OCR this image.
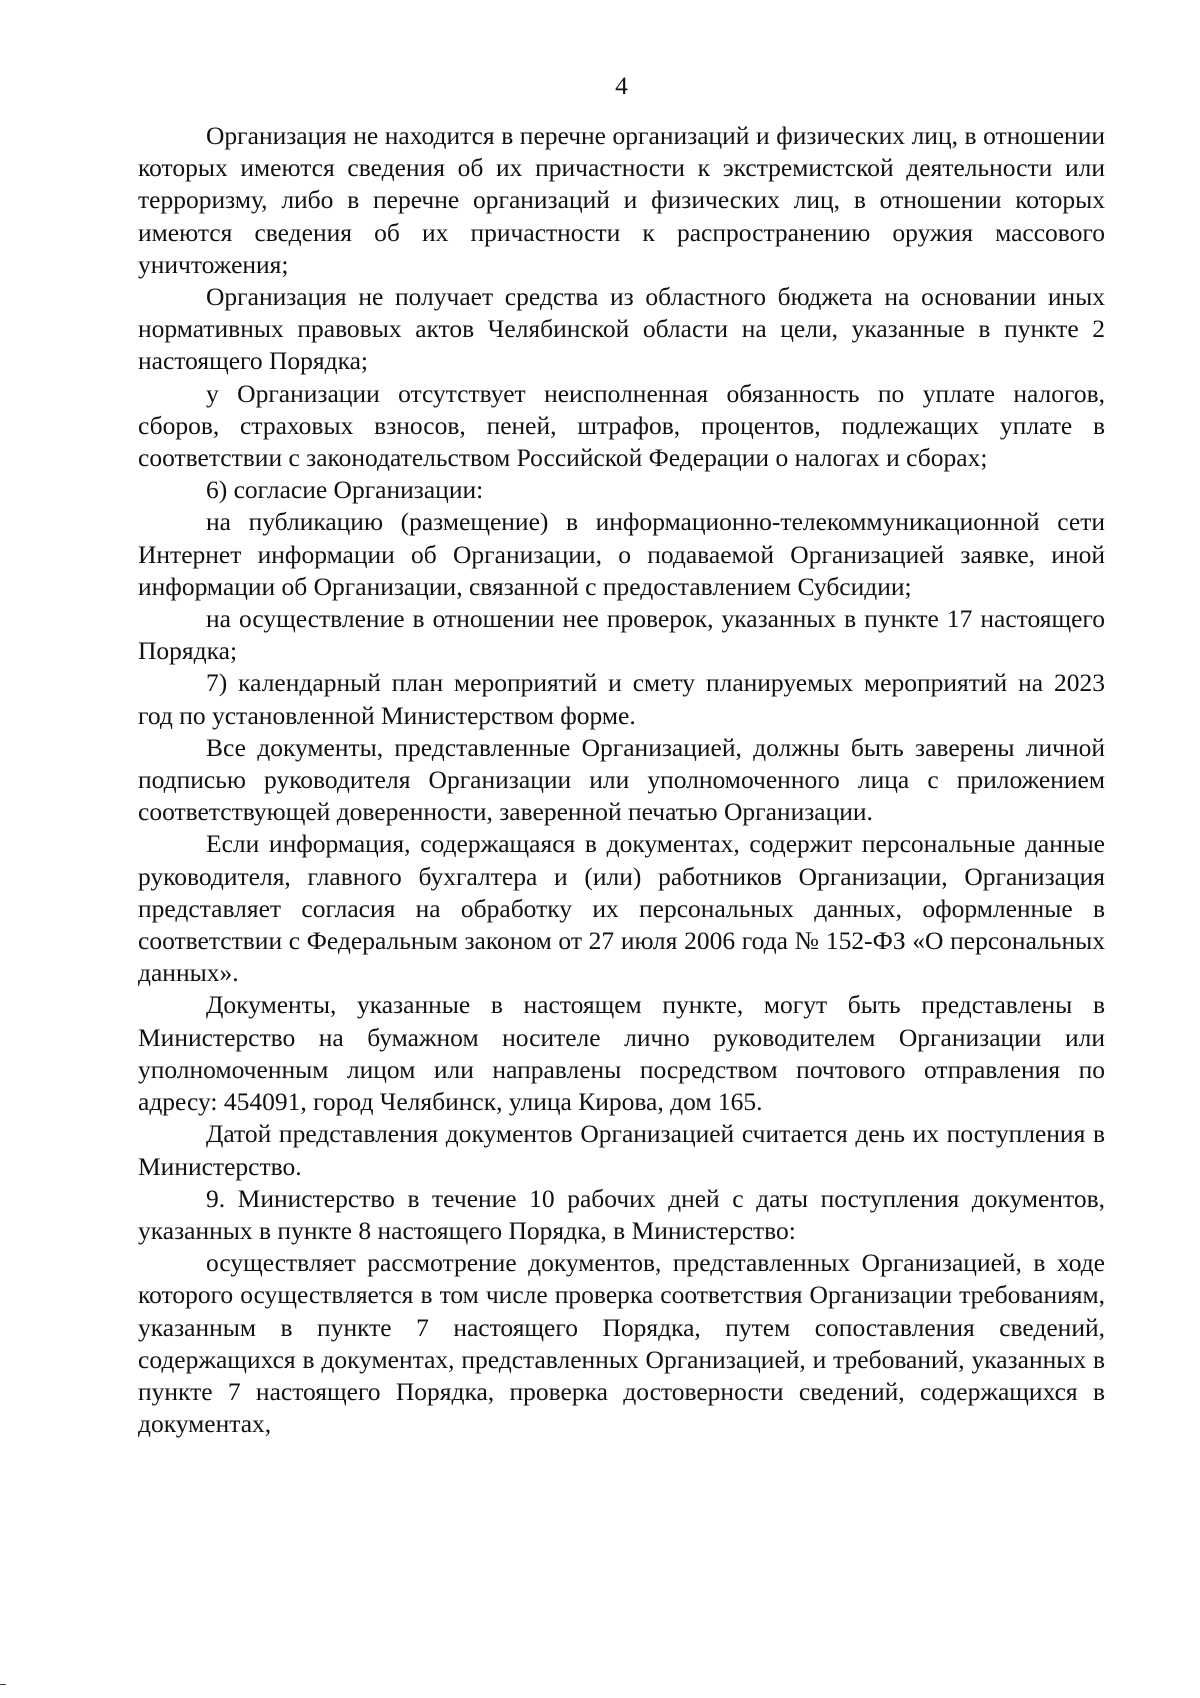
4

Организация не находится в перечне организаций и физических лиц, в отношении которых имеются сведения об их причастности к экстремистской деятельности или терроризму, либо в перечне организаций и физических лиц, в отношении которых имеются сведения об их причастности к распространению оружия массового уничтожения;

Организация не получает средства из областного бюджета на основании иных нормативных правовых актов Челябинской области на цели, указанные в пункте 2 настоящего Порядка;

у Организации отсутствует неисполненная обязанность по уплате налогов, сборов, страховых взносов, пеней, штрафов, процентов, подлежащих уплате в соответствии с законодательством Российской Федерации о налогах и сборах;

6) согласие Организации:

на публикацию (размещение) в информационно-телекоммуникационной сети Интернет информации об Организации, о подаваемой Организацией заявке, иной информации об Организации, связанной с предоставлением Субсидии;

на осуществление в отношении нее проверок, указанных в пункте 17 настоящего Порядка;

7) календарный план мероприятий и смету планируемых мероприятий на 2023 год по установленной Министерством форме.

Все документы, представленные Организацией, должны быть заверены личной подписью руководителя Организации или уполномоченного лица с приложением соответствующей доверенности, заверенной печатью Организации.

Если информация, содержащаяся в документах, содержит персональные данные руководителя, главного бухгалтера и (или) работников Организации, Организация представляет согласия на обработку их персональных данных, оформленные в соответствии с Федеральным законом от 27 июля 2006 года № 152-ФЗ «О персональных данных».

Документы, указанные в настоящем пункте, могут быть представлены в Министерство на бумажном носителе лично руководителем Организации или уполномоченным лицом или направлены посредством почтового отправления по адресу: 454091, город Челябинск, улица Кирова, дом 165.

Датой представления документов Организацией считается день их поступления в Министерство.

9. Министерство в течение 10 рабочих дней с даты поступления документов, указанных в пункте 8 настоящего Порядка, в Министерство:

осуществляет рассмотрение документов, представленных Организацией, в ходе которого осуществляется в том числе проверка соответствия Организации требованиям, указанным в пункте 7 настоящего Порядка, путем сопоставления сведений, содержащихся в документах, представленных Организацией, и требований, указанных в пункте 7 настоящего Порядка, проверка достоверности сведений, содержащихся в документах,
